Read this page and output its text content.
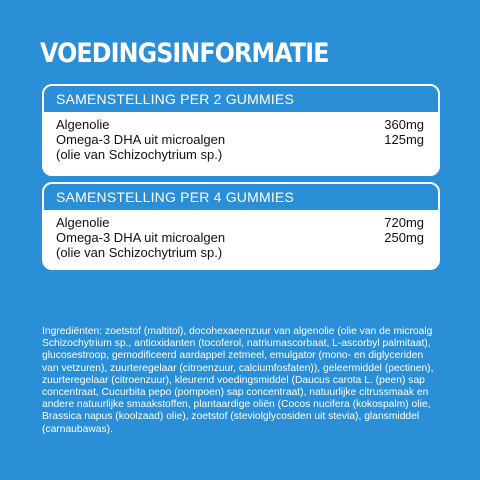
VOEDINGSINFORMATIE
SAMENSTELLING PER 2 GUMMIES
Algenolie	360mg
Omega-3 DHA uit microalgen	125mg
(olie van Schizochytrium sp.)
SAMENSTELLING PER 4 GUMMIES
Algenolie	720mg
Omega-3 DHA uit microalgen	250mg
(olie van Schizochytrium sp.)
Ingrediënten: zoetstof (maltitol), docohexaeenzuur van algenolie (olie van de microalg Schizochytrium sp., antioxidanten (tocoferol, natriumascorbaat, L-ascorbyl palmitaat), glucosestroop, gemodificeerd aardappel zetmeel, emulgator (mono- en diglyceriden van vetzuren), zuurteregelaar (citroenzuur, calciumfosfaten)), geleermiddel (pectinen), zuurteregelaar (citroenzuur), kleurend voedingsmiddel (Daucus carota L. (peen) sap concentraat, Cucurbita pepo (pompoen) sap concentraat), natuurlijke citrussmaak en andere natuurlijke smaakstoffen, plantaardige oliën (Cocos nucifera (kokospalm) olie, Brassica napus (koolzaad) olie), zoetstof (steviolglycosiden uit stevia), glansmiddel (carnaubawas).
